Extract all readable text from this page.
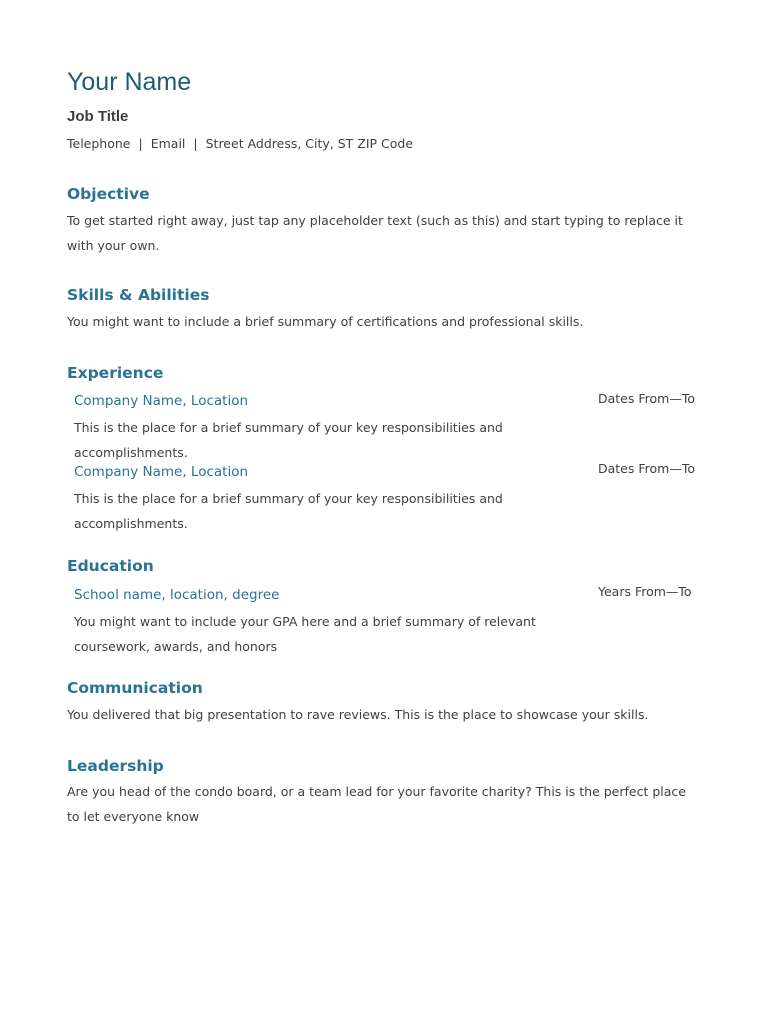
Your Name
Job Title
Telephone | Email | Street Address, City, ST ZIP Code
Objective
To get started right away, just tap any placeholder text (such as this) and start typing to replace it with your own.
Skills & Abilities
You might want to include a brief summary of certifications and professional skills.
Experience
Company Name, Location	Dates From—To
This is the place for a brief summary of your key responsibilities and accomplishments.
Company Name, Location	Dates From—To
This is the place for a brief summary of your key responsibilities and accomplishments.
Education
School name, location, degree	Years From—To
You might want to include your GPA here and a brief summary of relevant coursework, awards, and honors
Communication
You delivered that big presentation to rave reviews. This is the place to showcase your skills.
Leadership
Are you head of the condo board, or a team lead for your favorite charity? This is the perfect place to let everyone know
